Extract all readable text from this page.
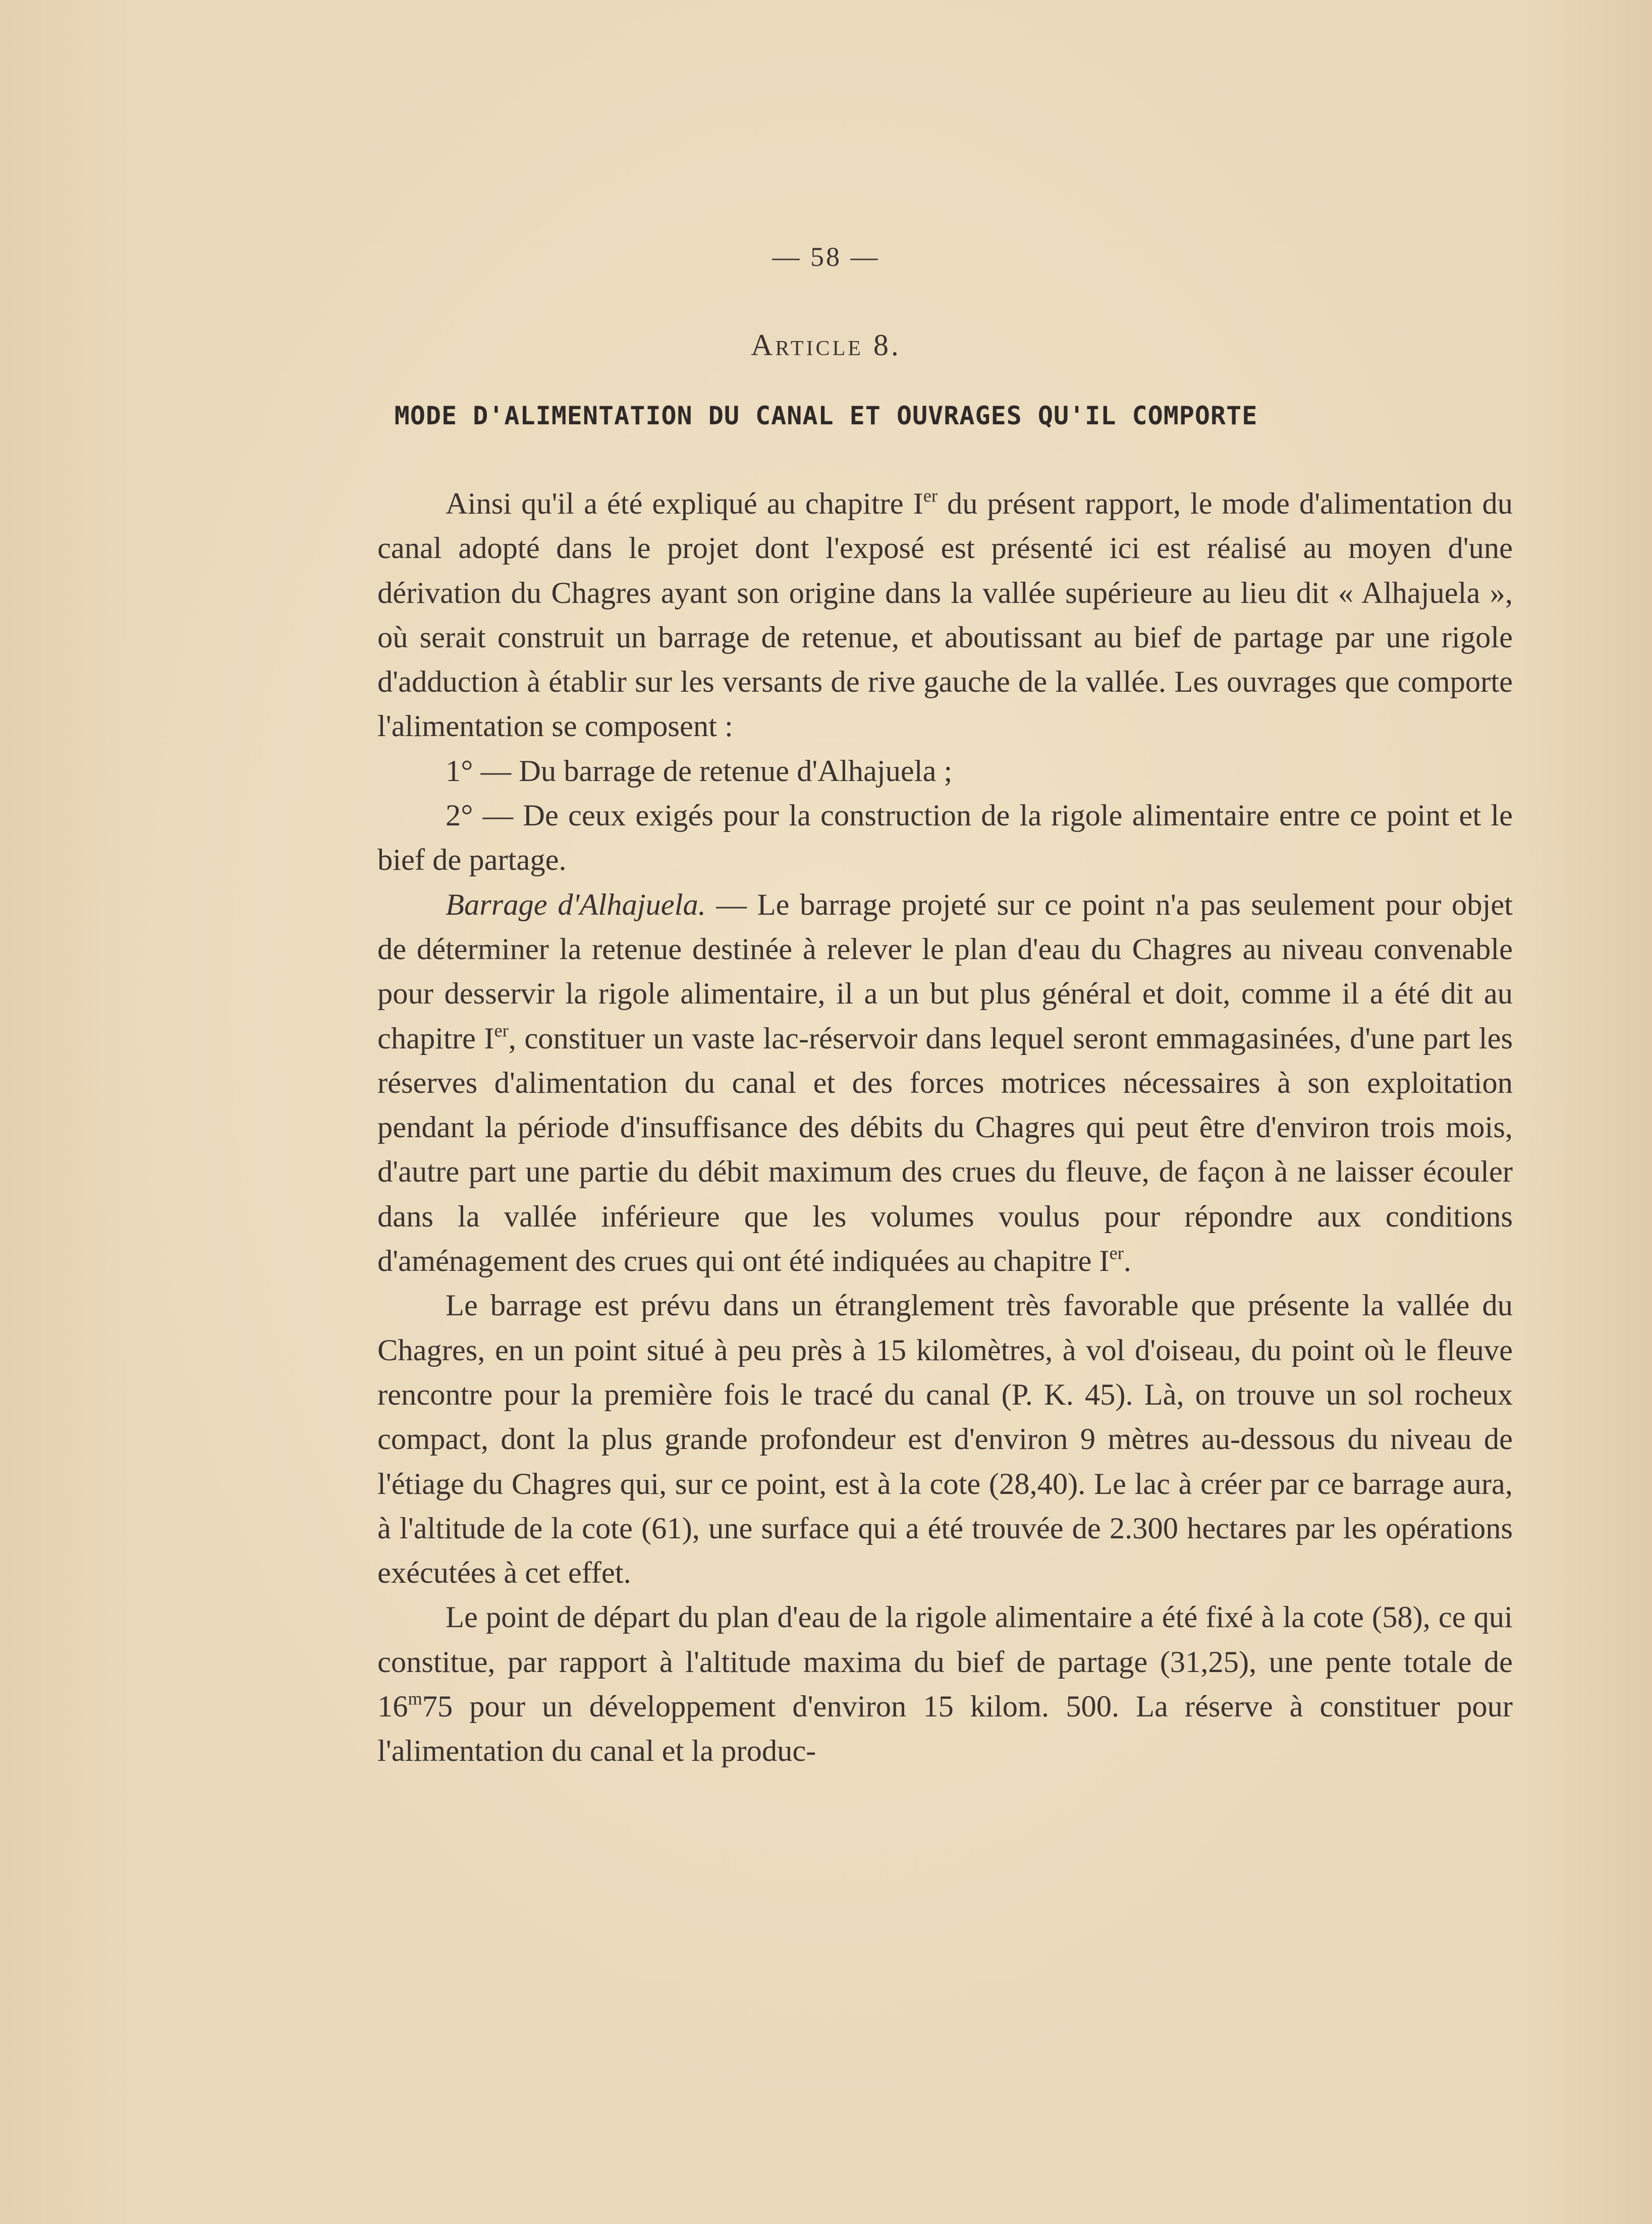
— 58 —
Article 8.
MODE D'ALIMENTATION DU CANAL ET OUVRAGES QU'IL COMPORTE

Ainsi qu'il a été expliqué au chapitre Ier du présent rapport, le mode d'alimentation du canal adopté dans le projet dont l'exposé est présenté ici est réalisé au moyen d'une dérivation du Chagres ayant son origine dans la vallée supérieure au lieu dit « Alhajuela », où serait construit un barrage de retenue, et aboutissant au bief de partage par une rigole d'adduction à établir sur les versants de rive gauche de la vallée. Les ouvrages que comporte l'alimentation se composent :

1° — Du barrage de retenue d'Alhajuela ;

2° — De ceux exigés pour la construction de la rigole alimentaire entre ce point et le bief de partage.

Barrage d'Alhajuela. — Le barrage projeté sur ce point n'a pas seulement pour objet de déterminer la retenue destinée à relever le plan d'eau du Chagres au niveau convenable pour desservir la rigole alimentaire, il a un but plus général et doit, comme il a été dit au chapitre Ier, constituer un vaste lac-réservoir dans lequel seront emmagasinées, d'une part les réserves d'alimentation du canal et des forces motrices nécessaires à son exploitation pendant la période d'insuffisance des débits du Chagres qui peut être d'environ trois mois, d'autre part une partie du débit maximum des crues du fleuve, de façon à ne laisser écouler dans la vallée inférieure que les volumes voulus pour répondre aux conditions d'aménagement des crues qui ont été indiquées au chapitre Ier.

Le barrage est prévu dans un étranglement très favorable que présente la vallée du Chagres, en un point situé à peu près à 15 kilomètres, à vol d'oiseau, du point où le fleuve rencontre pour la première fois le tracé du canal (P. K. 45). Là, on trouve un sol rocheux compact, dont la plus grande profondeur est d'environ 9 mètres au-dessous du niveau de l'étiage du Chagres qui, sur ce point, est à la cote (28,40). Le lac à créer par ce barrage aura, à l'altitude de la cote (61), une surface qui a été trouvée de 2.300 hectares par les opérations exécutées à cet effet.

Le point de départ du plan d'eau de la rigole alimentaire a été fixé à la cote (58), ce qui constitue, par rapport à l'altitude maxima du bief de partage (31,25), une pente totale de 16$^m$75 pour un développement d'environ 15 kilom. 500. La réserve à constituer pour l'alimentation du canal et la produc-
